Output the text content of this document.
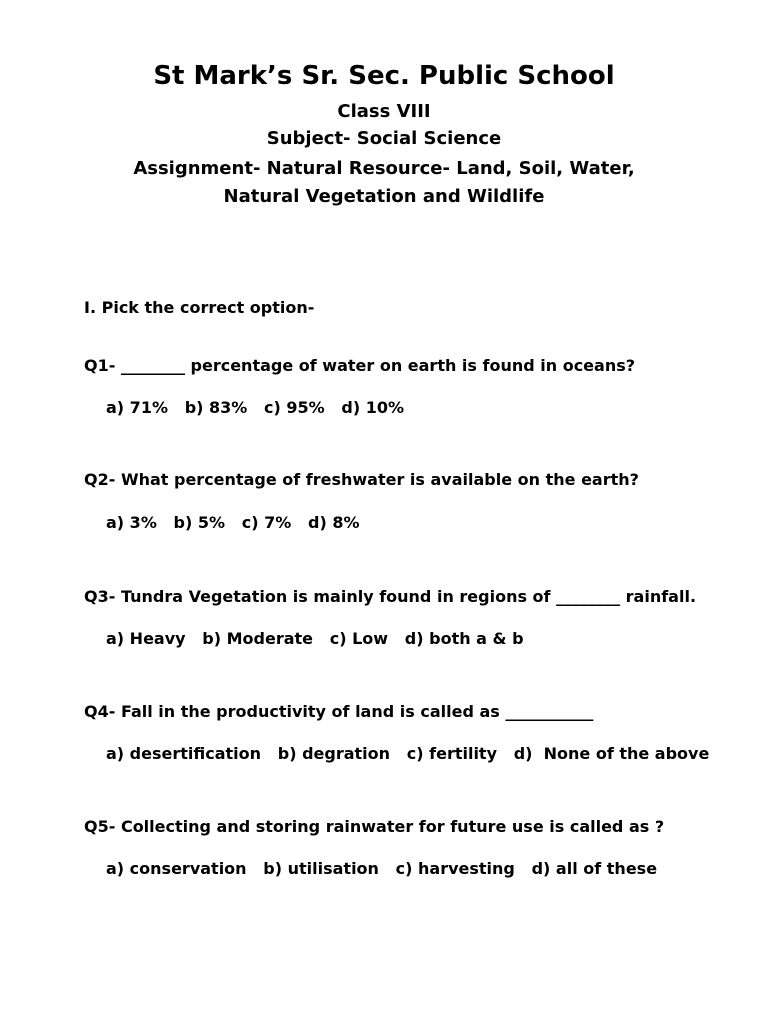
St Mark’s Sr. Sec. Public School
Class VIII
Subject- Social Science
Assignment- Natural Resource- Land, Soil, Water, Natural Vegetation and Wildlife
I. Pick the correct option-
Q1- ________ percentage of water on earth is found in oceans?
a) 71%   b) 83%   c) 95%   d) 10%
Q2- What percentage of freshwater is available on the earth?
a) 3%   b) 5%   c) 7%   d) 8%
Q3- Tundra Vegetation is mainly found in regions of ________ rainfall.
a) Heavy   b) Moderate   c) Low   d) both a & b
Q4- Fall in the productivity of land is called as ___________
a) desertification   b) degration   c) fertility   d)  None of the above
Q5- Collecting and storing rainwater for future use is called as ?
a) conservation   b) utilisation   c) harvesting   d) all of these
